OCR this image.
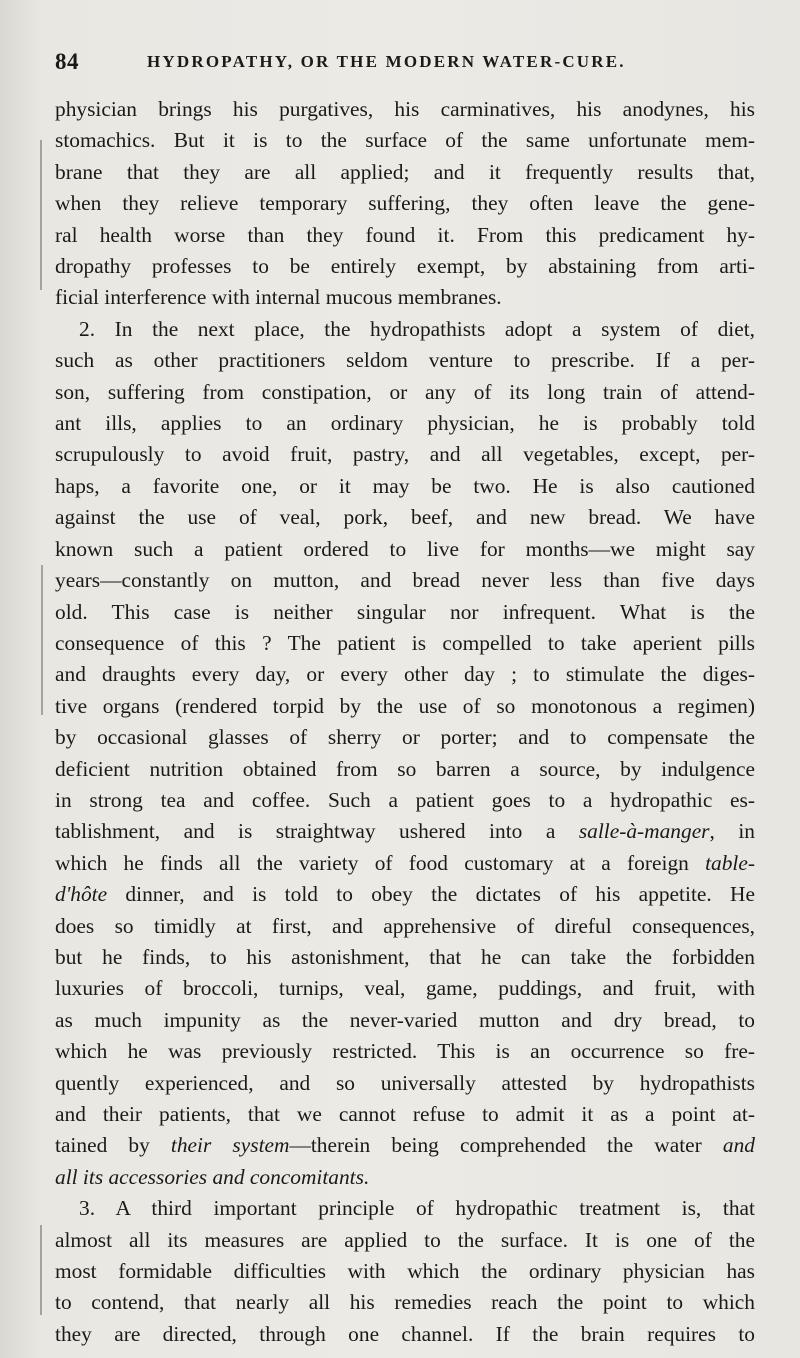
84	HYDROPATHY, OR THE MODERN WATER-CURE.
physician brings his purgatives, his carminatives, his anodynes, his
stomachics. But it is to the surface of the same unfortunate mem-
brane that they are all applied; and it frequently results that,
when they relieve temporary suffering, they often leave the gene-
ral health worse than they found it. From this predicament hy-
dropathy professes to be entirely exempt, by abstaining from arti-
ficial interference with internal mucous membranes.
2. In the next place, the hydropathists adopt a system of diet,
such as other practitioners seldom venture to prescribe. If a per-
son, suffering from constipation, or any of its long train of attend-
ant ills, applies to an ordinary physician, he is probably told
scrupulously to avoid fruit, pastry, and all vegetables, except, per-
haps, a favorite one, or it may be two. He is also cautioned
against the use of veal, pork, beef, and new bread. We have
known such a patient ordered to live for months—we might say
years—constantly on mutton, and bread never less than five days
old. This case is neither singular nor infrequent. What is the
consequence of this ? The patient is compelled to take aperient pills
and draughts every day, or every other day ; to stimulate the diges-
tive organs (rendered torpid by the use of so monotonous a regimen)
by occasional glasses of sherry or porter; and to compensate the
deficient nutrition obtained from so barren a source, by indulgence
in strong tea and coffee. Such a patient goes to a hydropathic es-
tablishment, and is straightway ushered into a salle-à-manger, in
which he finds all the variety of food customary at a foreign table-
d'hôte dinner, and is told to obey the dictates of his appetite. He
does so timidly at first, and apprehensive of direful consequences,
but he finds, to his astonishment, that he can take the forbidden
luxuries of broccoli, turnips, veal, game, puddings, and fruit, with
as much impunity as the never-varied mutton and dry bread, to
which he was previously restricted. This is an occurrence so fre-
quently experienced, and so universally attested by hydropathists
and their patients, that we cannot refuse to admit it as a point at-
tained by their system—therein being comprehended the water and
all its accessories and concomitants.
3. A third important principle of hydropathic treatment is, that
almost all its measures are applied to the surface. It is one of the
most formidable difficulties with which the ordinary physician has
to contend, that nearly all his remedies reach the point to which
they are directed, through one channel. If the brain requires to
